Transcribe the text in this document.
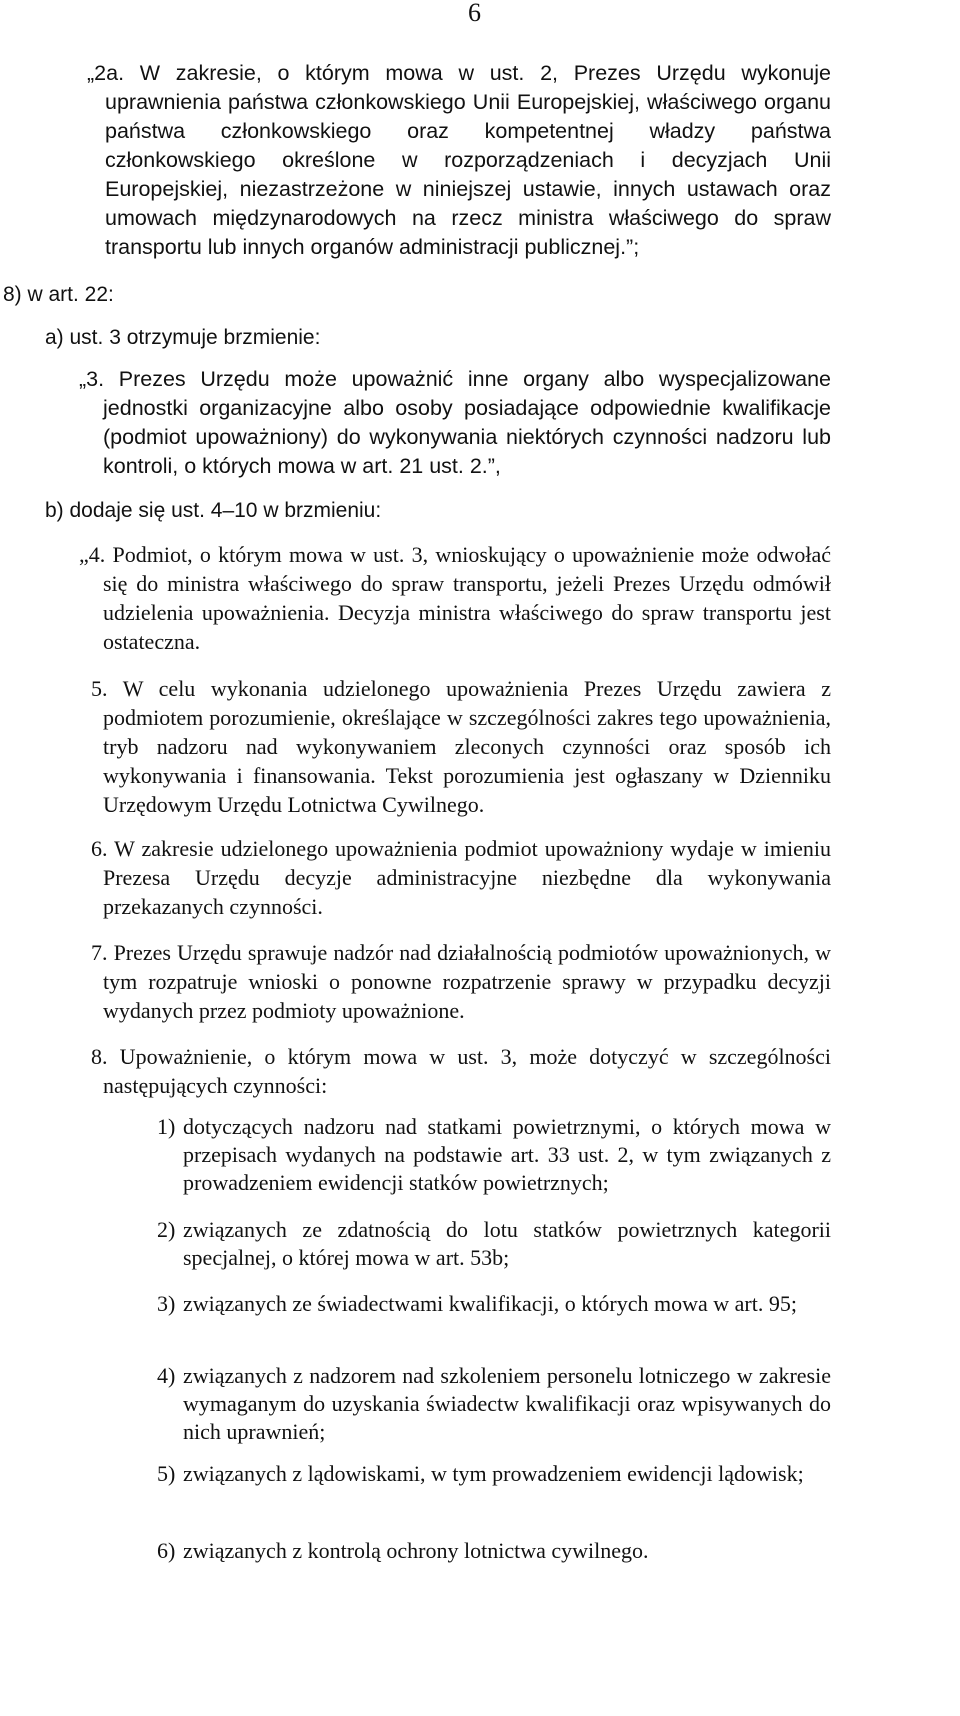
6

„2a. W zakresie, o którym mowa w ust. 2, Prezes Urzędu wykonuje uprawnienia państwa członkowskiego Unii Europejskiej, właściwego organu państwa członkowskiego oraz kompetentnej władzy państwa członkowskiego określone w rozporządzeniach i decyzjach Unii Europejskiej, niezastrzeżone w niniejszej ustawie, innych ustawach oraz umowach międzynarodowych na rzecz ministra właściwego do spraw transportu lub innych organów administracji publicznej.”;

8) w art. 22:

a) ust. 3 otrzymuje brzmienie:

„3. Prezes Urzędu może upoważnić inne organy albo wyspecjalizowane jednostki organizacyjne albo osoby posiadające odpowiednie kwalifikacje (podmiot upoważniony) do wykonywania niektórych czynności nadzoru lub kontroli, o których mowa w art. 21 ust. 2.”,

b) dodaje się ust. 4–10 w brzmieniu:

„4. Podmiot, o którym mowa w ust. 3, wnioskujący o upoważnienie może odwołać się do ministra właściwego do spraw transportu, jeżeli Prezes Urzędu odmówił udzielenia upoważnienia. Decyzja ministra właściwego do spraw transportu jest ostateczna.

5. W celu wykonania udzielonego upoważnienia Prezes Urzędu zawiera z podmiotem porozumienie, określające w szczególności zakres tego upoważnienia, tryb nadzoru nad wykonywaniem zleconych czynności oraz sposób ich wykonywania i finansowania. Tekst porozumienia jest ogłaszany w Dzienniku Urzędowym Urzędu Lotnictwa Cywilnego.

6. W zakresie udzielonego upoważnienia podmiot upoważniony wydaje w imieniu Prezesa Urzędu decyzje administracyjne niezbędne dla wykonywania przekazanych czynności.

7. Prezes Urzędu sprawuje nadzór nad działalnością podmiotów upoważnionych, w tym rozpatruje wnioski o ponowne rozpatrzenie sprawy w przypadku decyzji wydanych przez podmioty upoważnione.

8. Upoważnienie, o którym mowa w ust. 3, może dotyczyć w szczególności następujących czynności:

1) dotyczących nadzoru nad statkami powietrznymi, o których mowa w przepisach wydanych na podstawie art. 33 ust. 2, w tym związanych z prowadzeniem ewidencji statków powietrznych;
2) związanych ze zdatnością do lotu statków powietrznych kategorii specjalnej, o której mowa w art. 53b;
3) związanych ze świadectwami kwalifikacji, o których mowa w art. 95;
4) związanych z nadzorem nad szkoleniem personelu lotniczego w zakresie wymaganym do uzyskania świadectw kwalifikacji oraz wpisywanych do nich uprawnień;
5) związanych z lądowiskami, w tym prowadzeniem ewidencji lądowisk;
6) związanych z kontrolą ochrony lotnictwa cywilnego.
